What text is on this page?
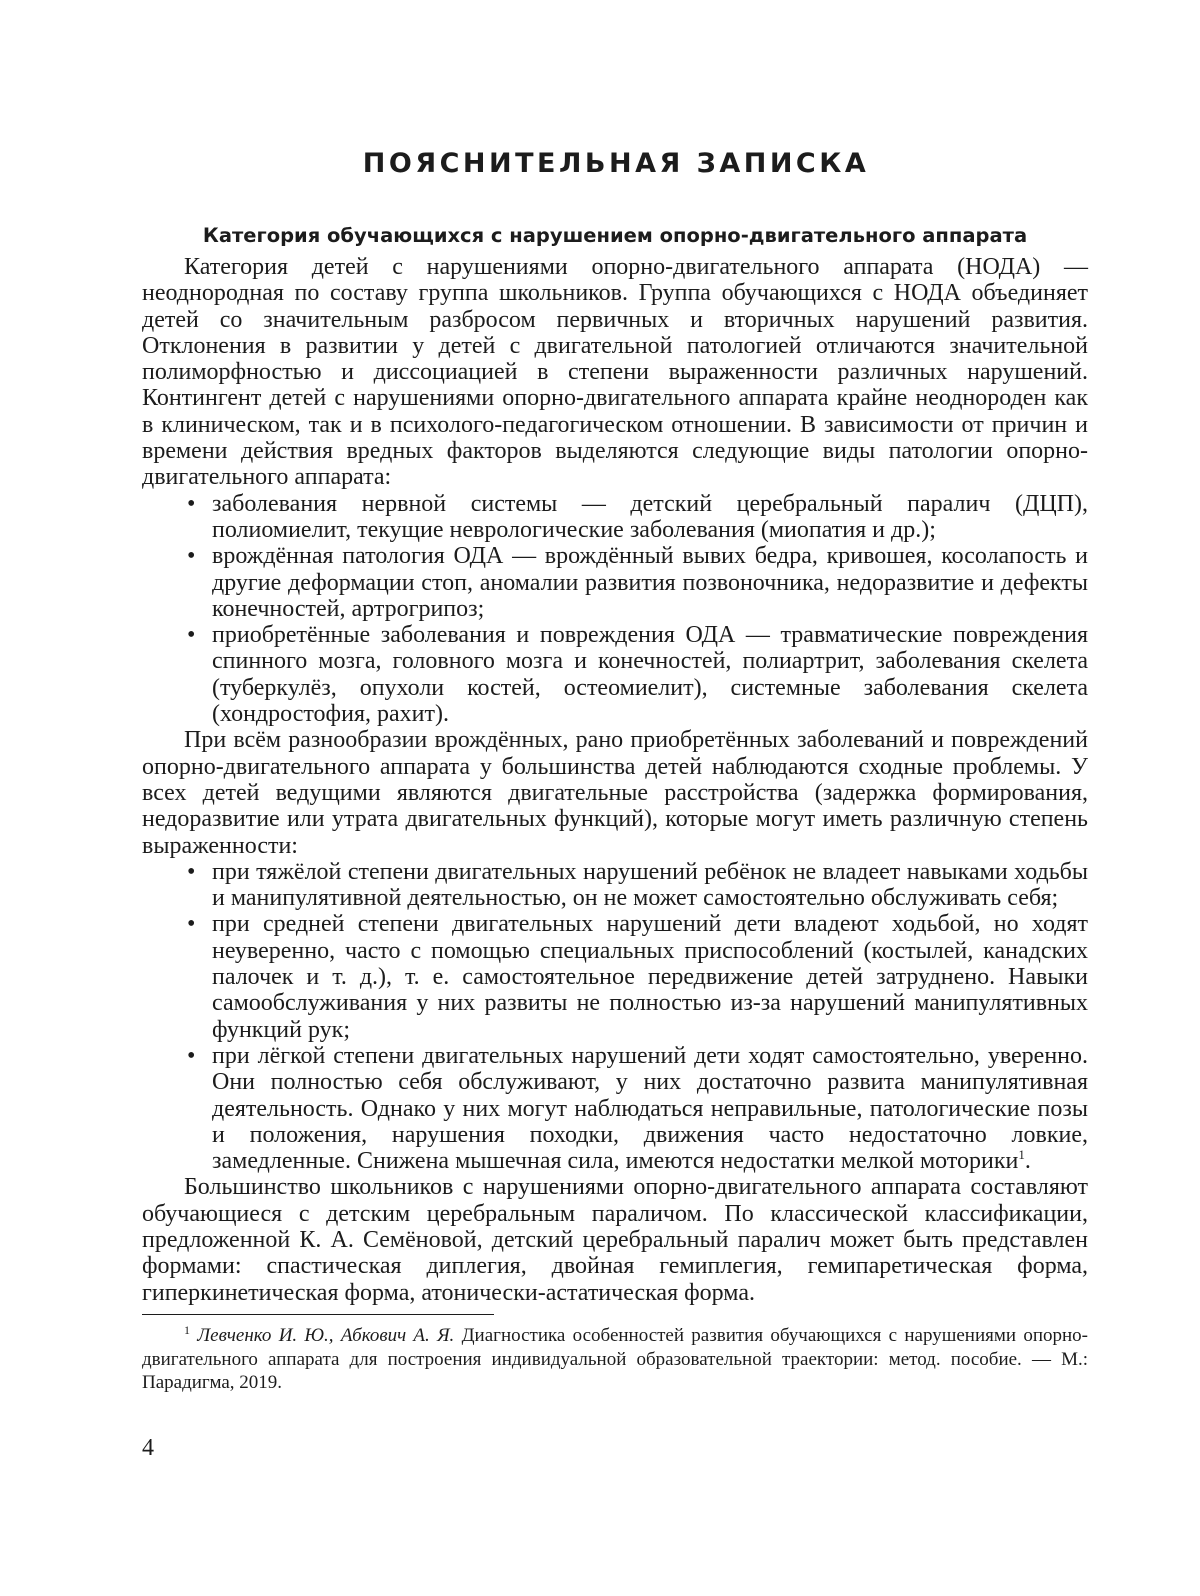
ПОЯСНИТЕЛЬНАЯ ЗАПИСКА
Категория обучающихся с нарушением опорно-двигательного аппарата

Категория детей с нарушениями опорно-двигательного аппарата (НОДА) — неоднородная по составу группа школьников. Группа обучающихся с НОДА объединяет детей со значительным разбросом первичных и вторичных нарушений развития. Отклонения в развитии у детей с двигательной патологией отличаются значительной полиморфностью и диссоциацией в степени выраженности различных нарушений. Контингент детей с нарушениями опорно-двигательного аппарата крайне неоднороден как в клиническом, так и в психолого-педагогическом отношении. В зависимости от причин и времени действия вредных факторов выделяются следующие виды патологии опорно-двигательного аппарата:

• заболевания нервной системы — детский церебральный паралич (ДЦП), полиомиелит, текущие неврологические заболевания (миопатия и др.);
• врождённая патология ОДА — врождённый вывих бедра, кривошея, косолапость и другие деформации стоп, аномалии развития позвоночника, недоразвитие и дефекты конечностей, артрогрипоз;
• приобретённые заболевания и повреждения ОДА — травматические повреждения спинного мозга, головного мозга и конечностей, полиартрит, заболевания скелета (туберкулёз, опухоли костей, остеомиелит), системные заболевания скелета (хондростофия, рахит).

При всём разнообразии врождённых, рано приобретённых заболеваний и повреждений опорно-двигательного аппарата у большинства детей наблюдаются сходные проблемы. У всех детей ведущими являются двигательные расстройства (задержка формирования, недоразвитие или утрата двигательных функций), которые могут иметь различную степень выраженности:

• при тяжёлой степени двигательных нарушений ребёнок не владеет навыками ходьбы и манипулятивной деятельностью, он не может самостоятельно обслуживать себя;
• при средней степени двигательных нарушений дети владеют ходьбой, но ходят неуверенно, часто с помощью специальных приспособлений (костылей, канадских палочек и т. д.), т. е. самостоятельное передвижение детей затруднено. Навыки самообслуживания у них развиты не полностью из-за нарушений манипулятивных функций рук;
• при лёгкой степени двигательных нарушений дети ходят самостоятельно, уверенно. Они полностью себя обслуживают, у них достаточно развита манипулятивная деятельность. Однако у них могут наблюдаться неправильные, патологические позы и положения, нарушения походки, движения часто недостаточно ловкие, замедленные. Снижена мышечная сила, имеются недостатки мелкой моторики$^1$.

Большинство школьников с нарушениями опорно-двигательного аппарата составляют обучающиеся с детским церебральным параличом. По классической классификации, предложенной К. А. Семёновой, детский церебральный паралич может быть представлен формами: спастическая диплегия, двойная гемиплегия, гемипаретическая форма, гиперкинетическая форма, атонически-астатическая форма.

$^1$ Левченко И. Ю., Абкович А. Я. Диагностика особенностей развития обучающихся с нарушениями опорно-двигательного аппарата для построения индивидуальной образовательной траектории: метод. пособие. — М.: Парадигма, 2019.

4
